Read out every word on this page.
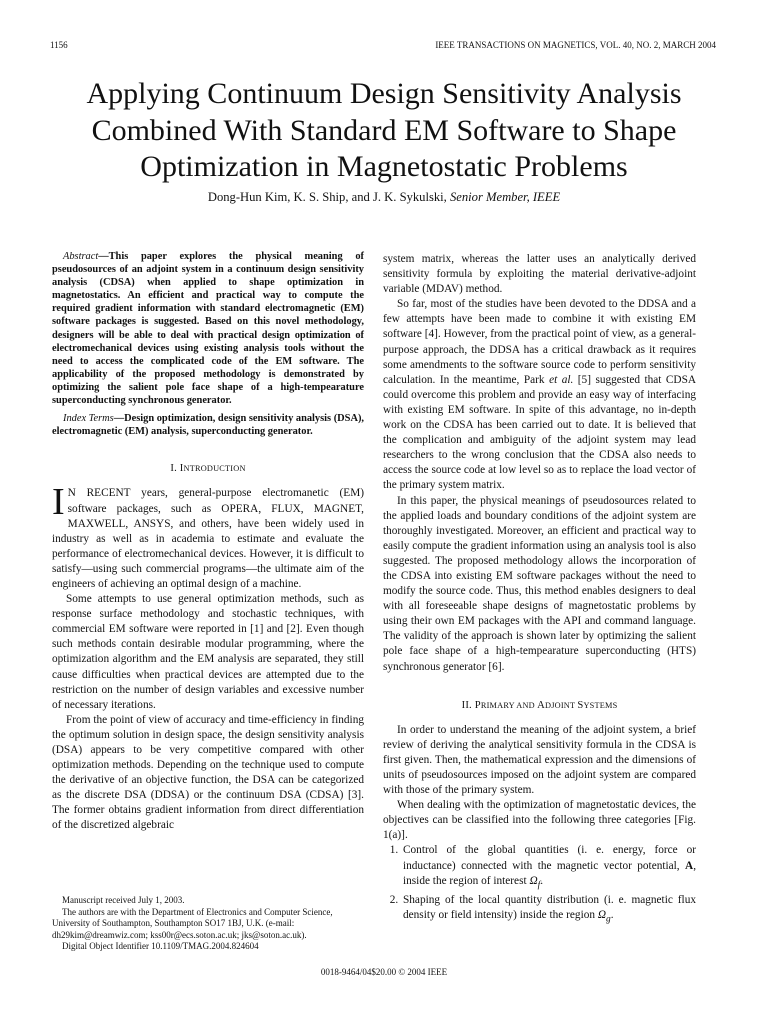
1156	IEEE TRANSACTIONS ON MAGNETICS, VOL. 40, NO. 2, MARCH 2004
Applying Continuum Design Sensitivity Analysis Combined With Standard EM Software to Shape Optimization in Magnetostatic Problems
Dong-Hun Kim, K. S. Ship, and J. K. Sykulski, Senior Member, IEEE

Abstract—This paper explores the physical meaning of pseudosources of an adjoint system in a continuum design sensitivity analysis (CDSA) when applied to shape optimization in magnetostatics. An efficient and practical way to compute the required gradient information with standard electromagnetic (EM) software packages is suggested. Based on this novel methodology, designers will be able to deal with practical design optimization of electromechanical devices using existing analysis tools without the need to access the complicated code of the EM software. The applicability of the proposed methodology is demonstrated by optimizing the salient pole face shape of a high-tempearature superconducting synchronous generator.

Index Terms—Design optimization, design sensitivity analysis (DSA), electromagnetic (EM) analysis, superconducting generator.

I. INTRODUCTION

I N RECENT years, general-purpose electromanetic (EM) software packages, such as OPERA, FLUX, MAGNET, MAXWELL, ANSYS, and others, have been widely used in industry as well as in academia to estimate and evaluate the performance of electromechanical devices. However, it is difficult to satisfy—using such commercial programs—the ultimate aim of the engineers of achieving an optimal design of a machine.

Some attempts to use general optimization methods, such as response surface methodology and stochastic techniques, with commercial EM software were reported in [1] and [2]. Even though such methods contain desirable modular programming, where the optimization algorithm and the EM analysis are separated, they still cause difficulties when practical devices are attempted due to the restriction on the number of design variables and excessive number of necessary iterations.

From the point of view of accuracy and time-efficiency in finding the optimum solution in design space, the design sensitivity analysis (DSA) appears to be very competitive compared with other optimization methods. Depending on the technique used to compute the derivative of an objective function, the DSA can be categorized as the discrete DSA (DDSA) or the continuum DSA (CDSA) [3]. The former obtains gradient information from direct differentiation of the discretized algebraic

system matrix, whereas the latter uses an analytically derived sensitivity formula by exploiting the material derivative-adjoint variable (MDAV) method.

So far, most of the studies have been devoted to the DDSA and a few attempts have been made to combine it with existing EM software [4]. However, from the practical point of view, as a general-purpose approach, the DDSA has a critical drawback as it requires some amendments to the software source code to perform sensitivity calculation. In the meantime, Park et al. [5] suggested that CDSA could overcome this problem and provide an easy way of interfacing with existing EM software. In spite of this advantage, no in-depth work on the CDSA has been carried out to date. It is believed that the complication and ambiguity of the adjoint system may lead researchers to the wrong conclusion that the CDSA also needs to access the source code at low level so as to replace the load vector of the primary system matrix.

In this paper, the physical meanings of pseudosources related to the applied loads and boundary conditions of the adjoint system are thoroughly investigated. Moreover, an efficient and practical way to easily compute the gradient information using an analysis tool is also suggested. The proposed methodology allows the incorporation of the CDSA into existing EM software packages without the need to modify the source code. Thus, this method enables designers to deal with all foreseeable shape designs of magnetostatic problems by using their own EM packages with the API and command language. The validity of the approach is shown later by optimizing the salient pole face shape of a high-tempearature superconducting (HTS) synchronous generator [6].

II. PRIMARY AND ADJOINT SYSTEMS

In order to understand the meaning of the adjoint system, a brief review of deriving the analytical sensitivity formula in the CDSA is first given. Then, the mathematical expression and the dimensions of units of pseudosources imposed on the adjoint system are compared with those of the primary system.

When dealing with the optimization of magnetostatic devices, the objectives can be classified into the following three categories [Fig. 1(a)].

1. Control of the global quantities (i. e. energy, force or inductance) connected with the magnetic vector potential, A, inside the region of interest $\Omega_f$.
2. Shaping of the local quantity distribution (i. e. magnetic flux density or field intensity) inside the region $\Omega_g$.

Manuscript received July 1, 2003.

The authors are with the Department of Electronics and Computer Science, University of Southampton, Southampton SO17 1BJ, U.K. (e-mail: dh29kim@dreamwiz.com; kss00r@ecs.soton.ac.uk; jks@soton.ac.uk).

Digital Object Identifier 10.1109/TMAG.2004.824604

0018-9464/04$20.00 © 2004 IEEE
